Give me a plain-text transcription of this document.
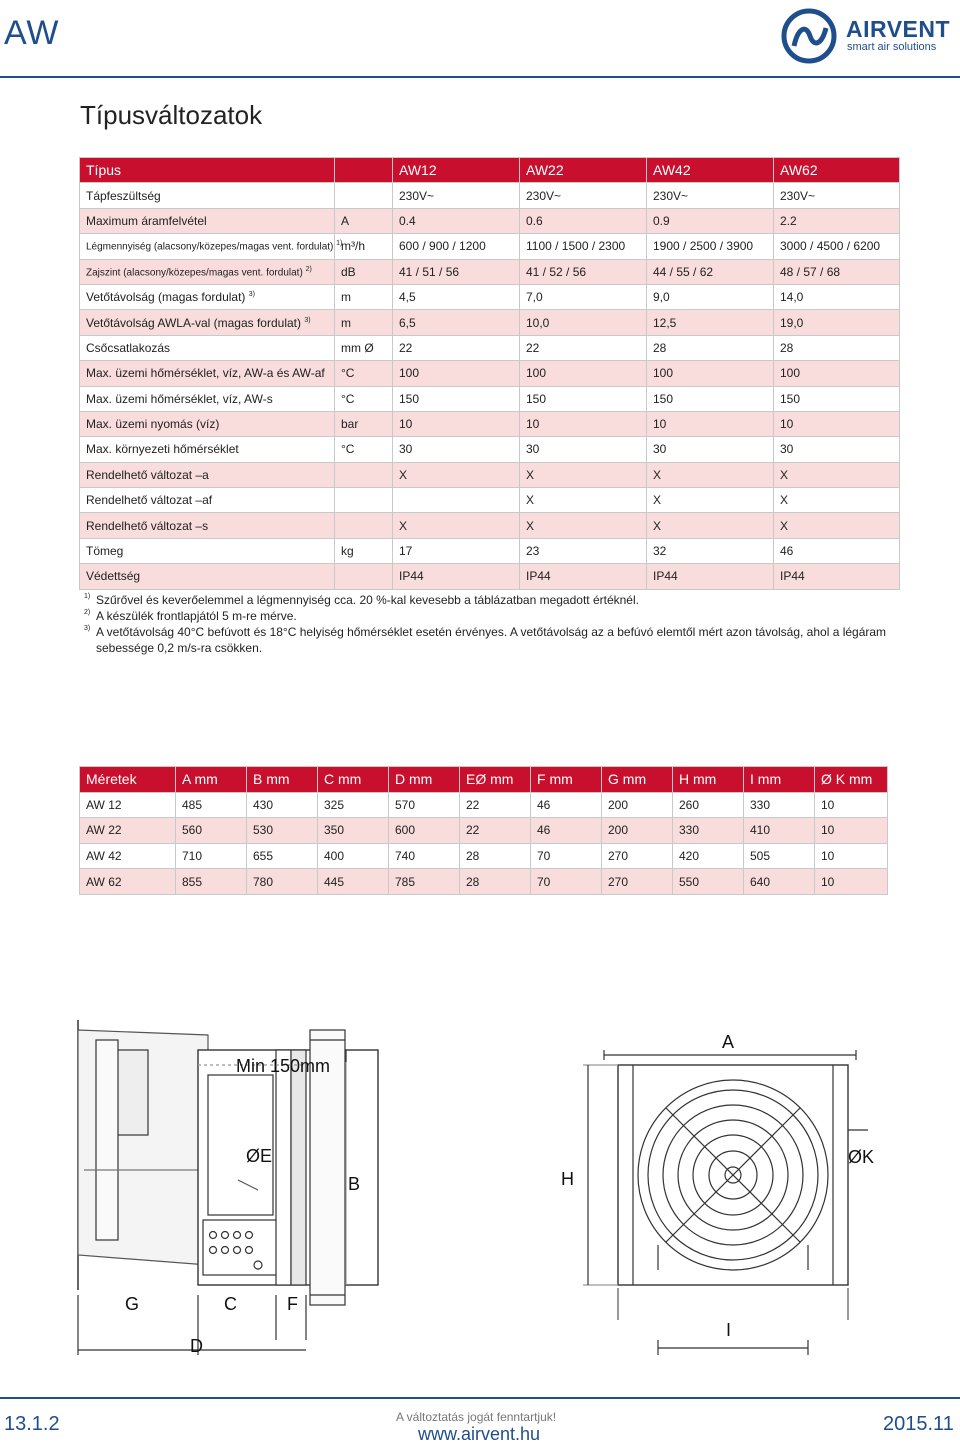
AW	AIRVENT
smart air solutions
Típusváltozatok
Típus		AW12	AW22	AW42	AW62
Tápfeszültség		230V~	230V~	230V~	230V~
Maximum áramfelvétel	A	0.4	0.6	0.9	2.2
Légmennyiség (alacsony/közepes/magas vent. fordulat) $^{1)}$	m³/h	600 / 900 / 1200	1100 / 1500 / 2300	1900 / 2500 / 3900	3000 / 4500 / 6200
Zajszint (alacsony/közepes/magas vent. fordulat) $^{2)}$	dB	41 / 51 / 56	41 / 52 / 56	44 / 55 / 62	48 / 57 / 68
Vetőtávolság (magas fordulat) $^{3)}$	m	4,5	7,0	9,0	14,0
Vetőtávolság AWLA-val (magas fordulat) $^{3)}$	m	6,5	10,0	12,5	19,0
Csőcsatlakozás	mm Ø	22	22	28	28
Max. üzemi hőmérséklet, víz, AW-a és AW-af	°C	100	100	100	100
Max. üzemi hőmérséklet, víz, AW-s	°C	150	150	150	150
Max. üzemi nyomás (víz)	bar	10	10	10	10
Max. környezeti hőmérséklet	°C	30	30	30	30
Rendelhető változat –a		X	X	X	X
Rendelhető változat –af			X	X	X
Rendelhető változat –s		X	X	X	X
Tömeg	kg	17	23	32	46
Védettség		IP44	IP44	IP44	IP44
1) Szűrővel és keverőelemmel a légmennyiség cca. 20 %-kal kevesebb a táblázatban megadott értéknél.
2) A készülék frontlapjától 5 m-re mérve.
3) A vetőtávolság 40°C befúvott és 18°C helyiség hőmérséklet esetén érvényes. A vetőtávolság az a befúvó elemtől mért azon távolság, ahol a légáram sebessége 0,2 m/s-ra csökken.
Méretek	A mm	B mm	C mm	D mm	EØ mm	F mm	G mm	H mm	I mm	Ø K mm
AW 12	485	430	325	570	22	46	200	260	330	10
AW 22	560	530	350	600	22	46	200	330	410	10
AW 42	710	655	400	740	28	70	270	420	505	10
AW 62	855	780	445	785	28	70	270	550	640	10
B
Min 150mm
ØE
G	C	F
D
A
H
ØK
I
13.1.2	A változtatás jogát fenntartjuk!
www.airvent.hu	2015.11
